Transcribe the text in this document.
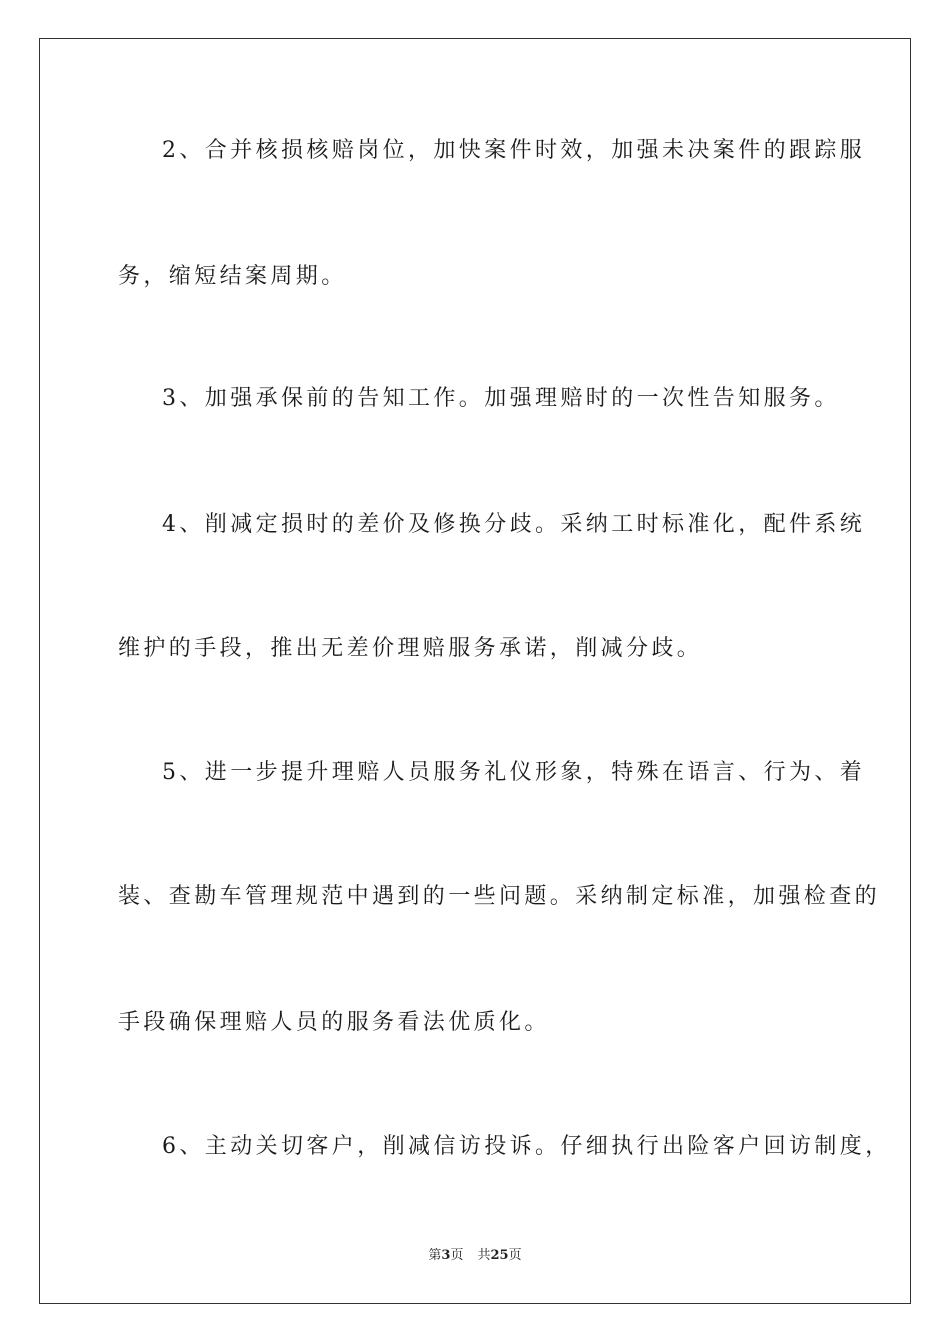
2、合并核损核赔岗位，加快案件时效，加强未决案件的跟踪服
务，缩短结案周期。
3、加强承保前的告知工作。加强理赔时的一次性告知服务。
4、削减定损时的差价及修换分歧。采纳工时标准化，配件系统
维护的手段，推出无差价理赔服务承诺，削减分歧。
5、进一步提升理赔人员服务礼仪形象，特殊在语言、行为、着
装、查勘车管理规范中遇到的一些问题。采纳制定标准，加强检查的
手段确保理赔人员的服务看法优质化。
6、主动关切客户，削减信访投诉。仔细执行出险客户回访制度，
第3页 共25页
